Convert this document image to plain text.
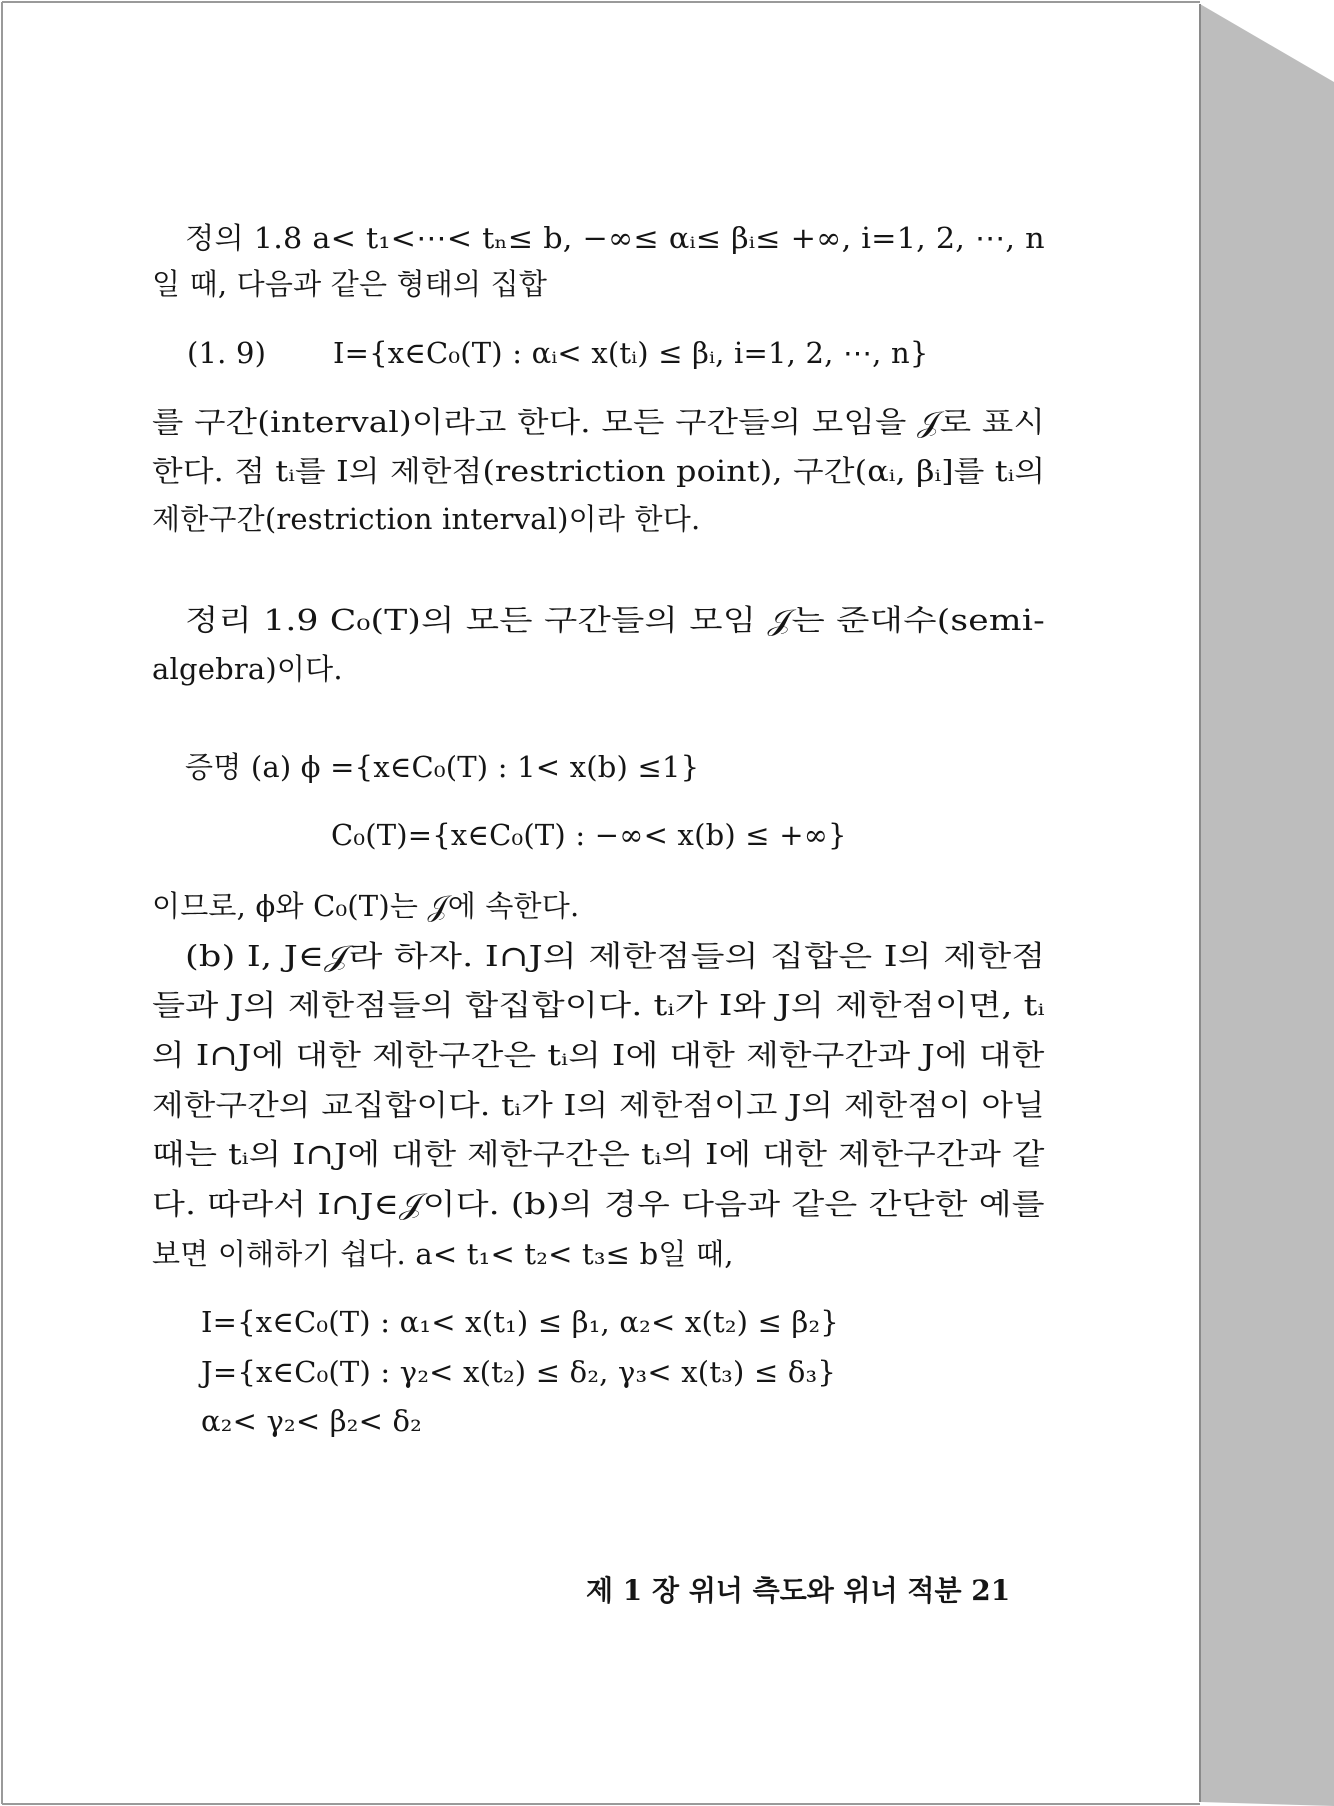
정의 1.8 a< t₁<⋯< tₙ≤ b, −∞≤ αᵢ≤ βᵢ≤ +∞, i=1, 2, ⋯, n
일 때, 다음과 같은 형태의 집합
(1. 9) I={x∈C₀(T) : αᵢ< x(tᵢ) ≤ βᵢ, i=1, 2, ⋯, n}
를 구간(interval)이라고 한다. 모든 구간들의 모임을 𝒥로 표시
한다. 점 tᵢ를 I의 제한점(restriction point), 구간(αᵢ, βᵢ]를 tᵢ의
제한구간(restriction interval)이라 한다.
정리 1.9 C₀(T)의 모든 구간들의 모임 𝒥는 준대수(semi-
algebra)이다.
증명 (a) ϕ ={x∈C₀(T) : 1< x(b) ≤1}
C₀(T)={x∈C₀(T) : −∞< x(b) ≤ +∞}
이므로, ϕ와 C₀(T)는 𝒥에 속한다.
(b) I, J∈𝒥라 하자. I∩J의 제한점들의 집합은 I의 제한점
들과 J의 제한점들의 합집합이다. tᵢ가 I와 J의 제한점이면, tᵢ
의 I∩J에 대한 제한구간은 tᵢ의 I에 대한 제한구간과 J에 대한
제한구간의 교집합이다. tᵢ가 I의 제한점이고 J의 제한점이 아닐
때는 tᵢ의 I∩J에 대한 제한구간은 tᵢ의 I에 대한 제한구간과 같
다. 따라서 I∩J∈𝒥이다. (b)의 경우 다음과 같은 간단한 예를
보면 이해하기 쉽다. a< t₁< t₂< t₃≤ b일 때,
I={x∈C₀(T) : α₁< x(t₁) ≤ β₁, α₂< x(t₂) ≤ β₂}
J={x∈C₀(T) : γ₂< x(t₂) ≤ δ₂, γ₃< x(t₃) ≤ δ₃}
α₂< γ₂< β₂< δ₂
제 1 장 위너 측도와 위너 적분 21
